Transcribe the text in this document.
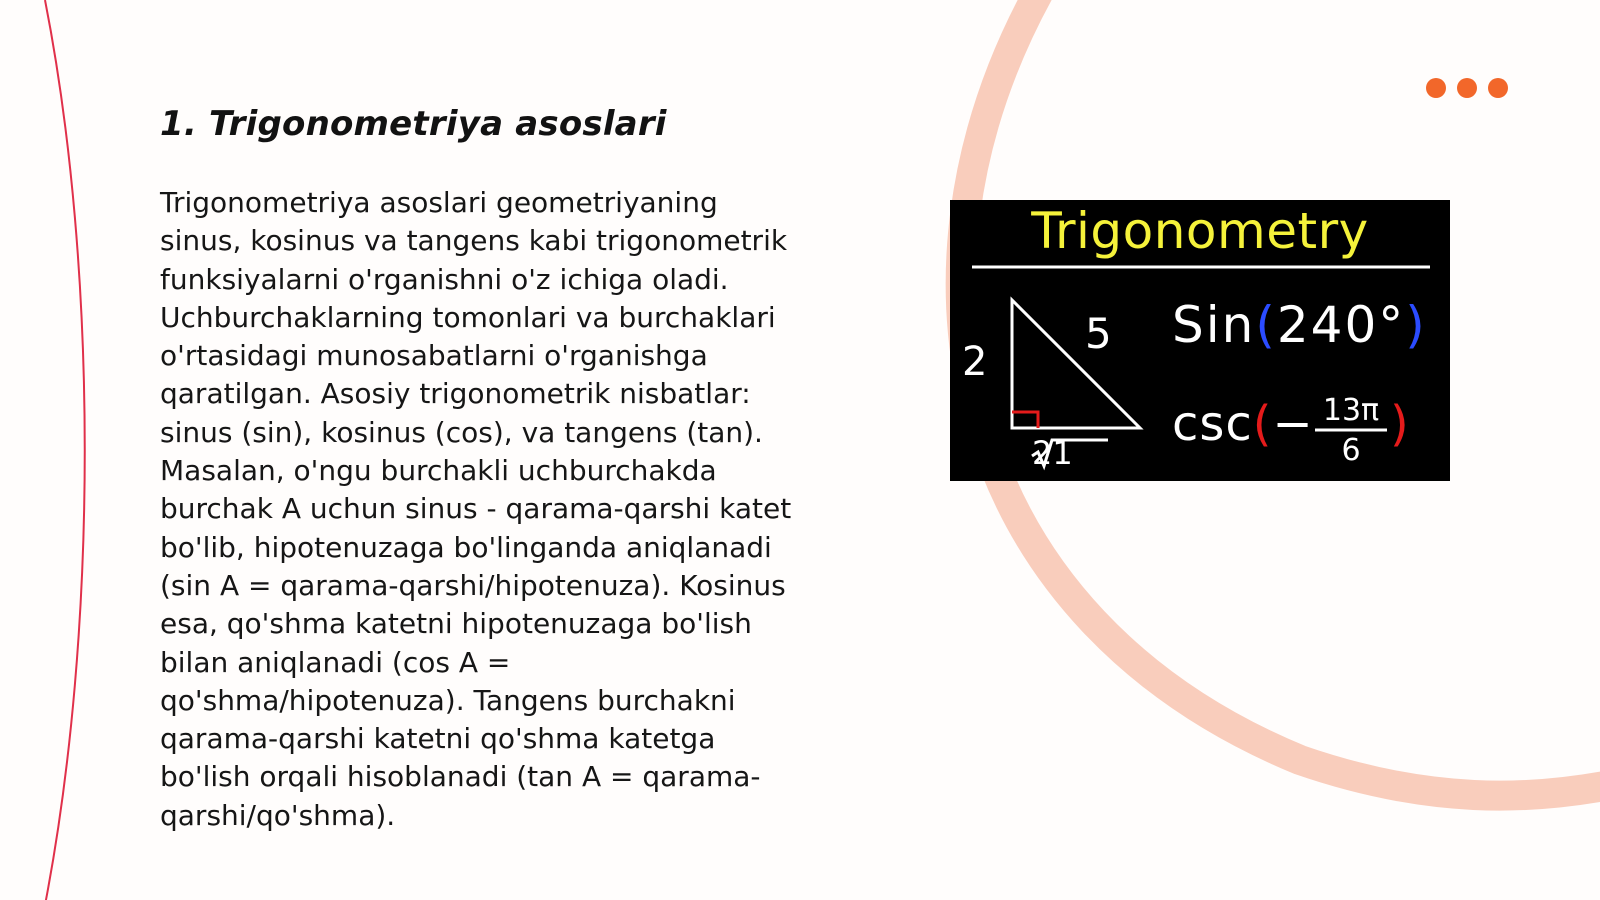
1. Trigonometriya asoslari

Trigonometriya asoslari geometriyaning
sinus, kosinus va tangens kabi trigonometrik
funksiyalarni o'rganishni o'z ichiga oladi.
Uchburchaklarning tomonlari va burchaklari
o'rtasidagi munosabatlarni o'rganishga
qaratilgan. Asosiy trigonometrik nisbatlar:
sinus (sin), kosinus (cos), va tangens (tan).
Masalan, o'ngu burchakli uchburchakda
burchak A uchun sinus - qarama-qarshi katet
bo'lib, hipotenuzaga bo'linganda aniqlanadi
(sin A = qarama-qarshi/hipotenuza). Kosinus
esa, qo'shma katetni hipotenuzaga bo'lish
bilan aniqlanadi (cos A =
qo'shma/hipotenuza). Tangens burchakni
qarama-qarshi katetni qo'shma katetga
bo'lish orqali hisoblanadi (tan A = qarama-
qarshi/qo'shma).

Trigonometry
2
5
21
Sin(240°)
csc(− 13π
6 )
